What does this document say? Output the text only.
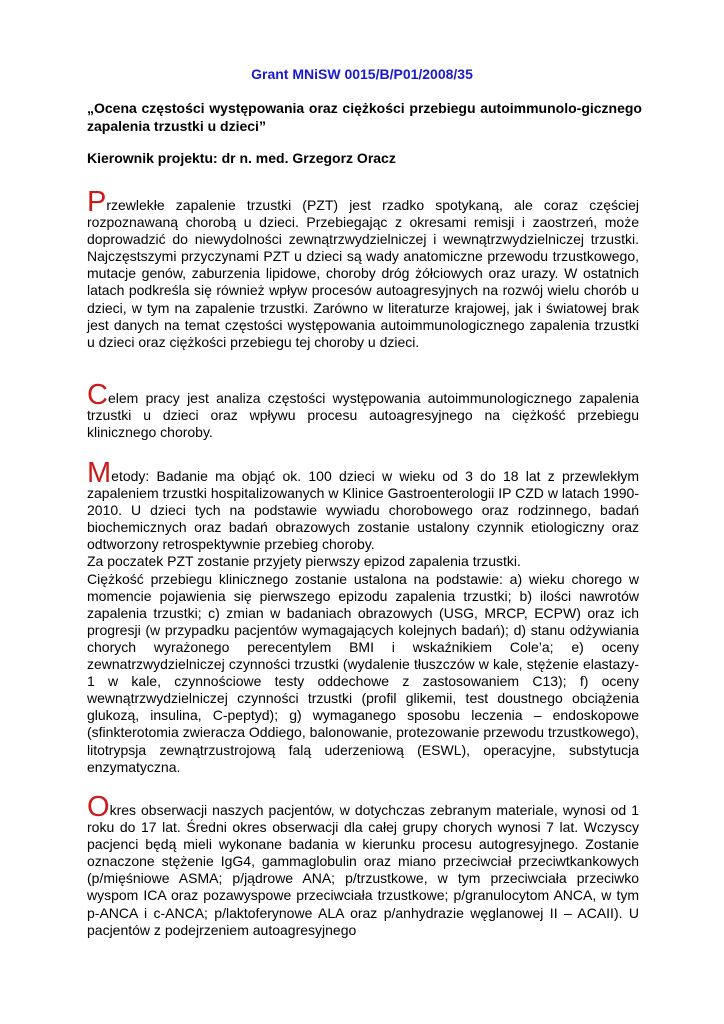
Grant MNiSW 0015/B/P01/2008/35
„Ocena częstości występowania oraz ciężkości przebiegu autoimmunolo-gicznego zapalenia trzustki u dzieci”
Kierownik projektu: dr n. med. Grzegorz Oracz
Przewlekłe zapalenie trzustki (PZT) jest rzadko spotykaną, ale coraz częściej rozpoznawaną chorobą u dzieci. Przebiegając z okresami remisji i zaostrzeń, może doprowadzić do niewydolności zewnątrzwydzielniczej i wewnątrzwydzielniczej trzustki. Najczęstszymi przyczynami PZT u dzieci są wady anatomiczne przewodu trzustkowego, mutacje genów, zaburzenia lipidowe, choroby dróg żółciowych oraz urazy. W ostatnich latach podkreśla się również wpływ procesów autoagresyjnych na rozwój wielu chorób u dzieci, w tym na zapalenie trzustki. Zarówno w literaturze krajowej, jak i światowej brak jest danych na temat częstości występowania autoimmunologicznego zapalenia trzustki u dzieci oraz ciężkości przebiegu tej choroby u dzieci.
Celem pracy jest analiza częstości występowania autoimmunologicznego zapalenia trzustki u dzieci oraz wpływu procesu autoagresyjnego na ciężkość przebiegu klinicznego choroby.
Metody: Badanie ma objąć ok. 100 dzieci w wieku od 3 do 18 lat z przewlekłym zapaleniem trzustki hospitalizowanych w Klinice Gastroenterologii IP CZD w latach 1990-2010. U dzieci tych na podstawie wywiadu chorobowego oraz rodzinnego, badań biochemicznych oraz badań obrazowych zostanie ustalony czynnik etiologiczny oraz odtworzony retrospektywnie przebieg choroby.
Za poczatek PZT zostanie przyjety pierwszy epizod zapalenia trzustki.
Ciężkość przebiegu klinicznego zostanie ustalona na podstawie: a) wieku chorego w momencie pojawienia się pierwszego epizodu zapalenia trzustki; b) ilości nawrotów zapalenia trzustki; c) zmian w badaniach obrazowych (USG, MRCP, ECPW) oraz ich progresji (w przypadku pacjentów wymagających kolejnych badań); d) stanu odżywiania chorych wyrażonego perecentylem BMI i wskaźnikiem Cole’a; e) oceny zewnatrzwydzielniczej czynności trzustki (wydalenie tłuszczów w kale, stężenie elastazy-1 w kale, czynnościowe testy oddechowe z zastosowaniem C13); f) oceny wewnątrzwydzielniczej czynności trzustki (profil glikemii, test doustnego obciążenia glukozą, insulina, C-peptyd); g) wymaganego sposobu leczenia – endoskopowe (sfinkterotomia zwieracza Oddiego, balonowanie, protezowanie przewodu trzustkowego), litotrypsja zewnątrzustrojową falą uderzeniową (ESWL), operacyjne, substytucja enzymatyczna.
Okres obserwacji naszych pacjentów, w dotychczas zebranym materiale, wynosi od 1 roku do 17 lat. Średni okres obserwacji dla całej grupy chorych wynosi 7 lat. Wczyscy pacjenci będą mieli wykonane badania w kierunku procesu autogresyjnego. Zostanie oznaczone stężenie IgG4, gammaglobulin oraz miano przeciwciał przeciwtkankowych (p/mięśniowe ASMA; p/jądrowe ANA; p/trzustkowe, w tym przeciwciała przeciwko wyspom ICA oraz pozawyspowe przeciwciała trzustkowe; p/granulocytom ANCA, w tym p-ANCA i c-ANCA; p/laktoferynowe ALA oraz p/anhydrazie węglanowej II – ACAII). U pacjentów z podejrzeniem autoagresyjnego
